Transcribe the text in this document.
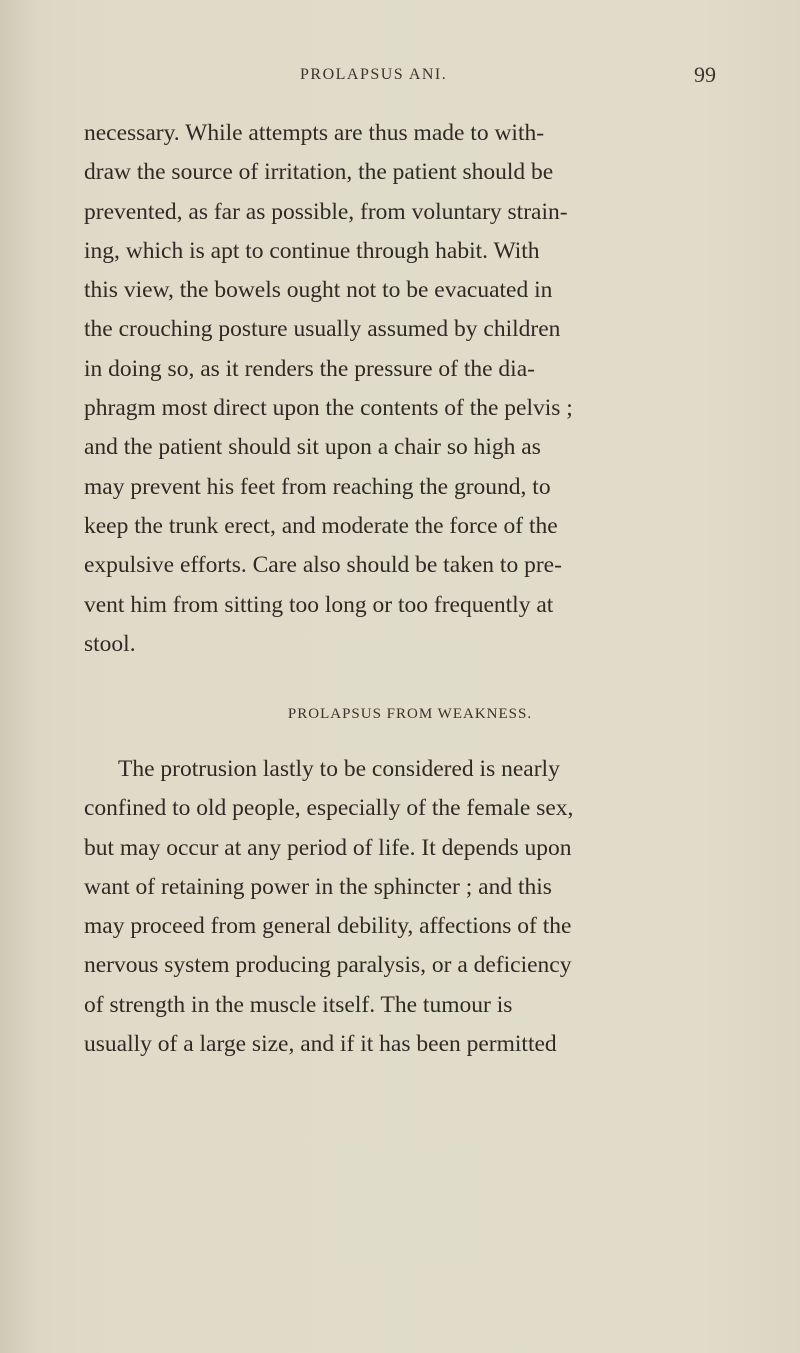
PROLAPSUS ANI.	99

necessary. While attempts are thus made to with-
draw the source of irritation, the patient should be
prevented, as far as possible, from voluntary strain-
ing, which is apt to continue through habit. With
this view, the bowels ought not to be evacuated in
the crouching posture usually assumed by children
in doing so, as it renders the pressure of the dia-
phragm most direct upon the contents of the pelvis ;
and the patient should sit upon a chair so high as
may prevent his feet from reaching the ground, to
keep the trunk erect, and moderate the force of the
expulsive efforts. Care also should be taken to pre-
vent him from sitting too long or too frequently at
stool.

PROLAPSUS FROM WEAKNESS.

The protrusion lastly to be considered is nearly
confined to old people, especially of the female sex,
but may occur at any period of life. It depends upon
want of retaining power in the sphincter ; and this
may proceed from general debility, affections of the
nervous system producing paralysis, or a deficiency
of strength in the muscle itself. The tumour is
usually of a large size, and if it has been permitted
